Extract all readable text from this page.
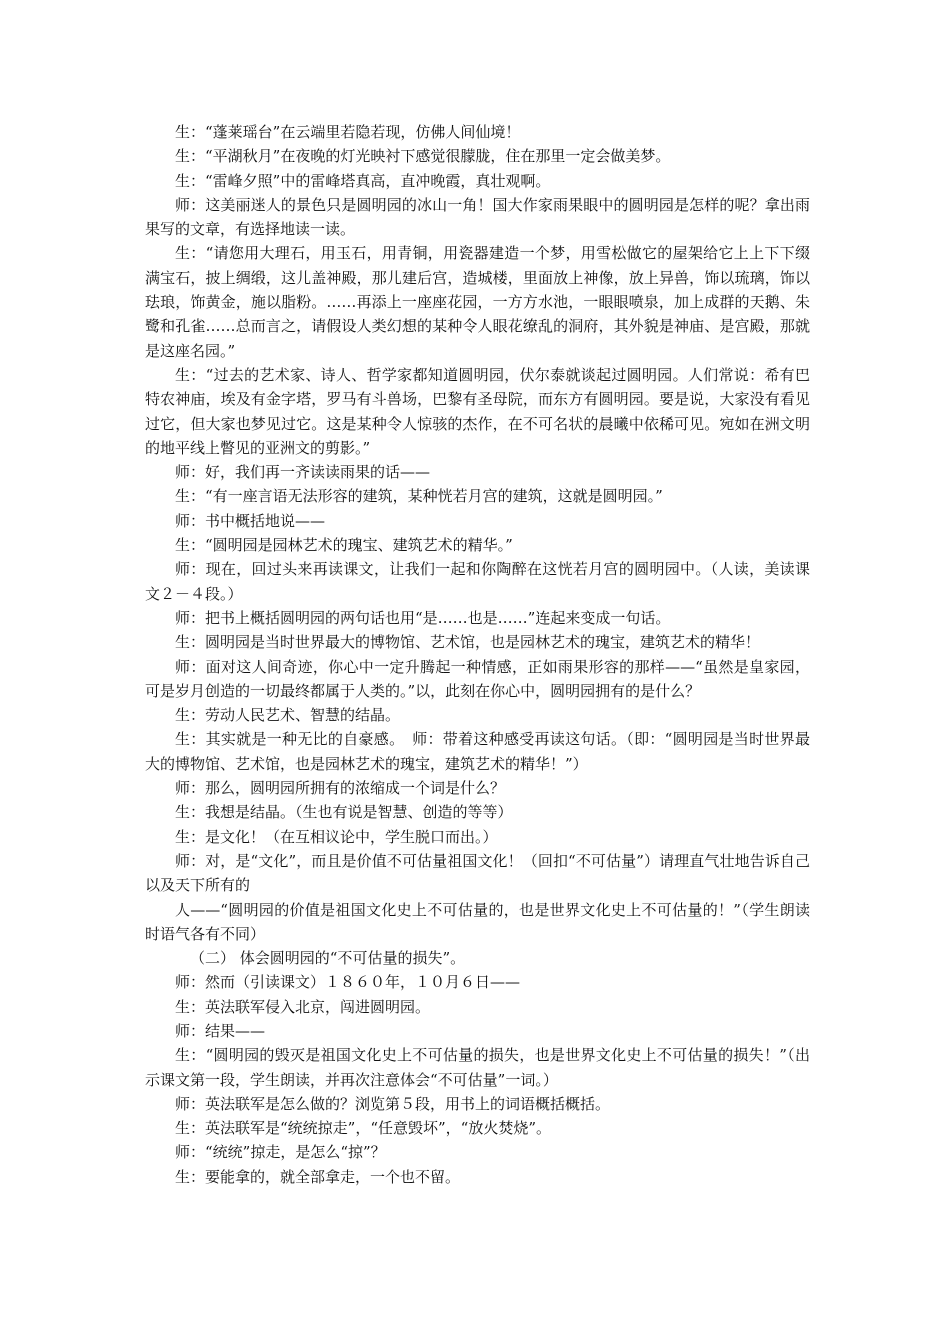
生：“蓬莱瑶台”在云端里若隐若现，仿佛人间仙境！

生：“平湖秋月”在夜晚的灯光映衬下感觉很朦胧，住在那里一定会做美梦。

生：“雷峰夕照”中的雷峰塔真高，直冲晚霞，真壮观啊。

师：这美丽迷人的景色只是圆明园的冰山一角！国大作家雨果眼中的圆明园是怎样的呢？拿出雨果写的文章，有选择地读一读。

生：“请您用大理石，用玉石，用青铜，用瓷器建造一个梦，用雪松做它的屋架给它上上下下缀满宝石，披上绸缎，这儿盖神殿，那儿建后宫，造城楼，里面放上神像，放上异兽，饰以琉璃，饰以珐琅，饰黄金，施以脂粉。……再添上一座座花园，一方方水池，一眼眼喷泉，加上成群的天鹅、朱鹭和孔雀……总而言之，请假设人类幻想的某种令人眼花缭乱的洞府，其外貌是神庙、是宫殿，那就是这座名园。”

生：“过去的艺术家、诗人、哲学家都知道圆明园，伏尔泰就谈起过圆明园。人们常说：希有巴特农神庙，埃及有金字塔，罗马有斗兽场，巴黎有圣母院，而东方有圆明园。要是说，大家没有看见过它，但大家也梦见过它。这是某种令人惊骇的杰作，在不可名状的晨曦中依稀可见。宛如在洲文明的地平线上瞥见的亚洲文的剪影。”

师：好，我们再一齐读读雨果的话——

生：“有一座言语无法形容的建筑，某种恍若月宫的建筑，这就是圆明园。”

师：书中概括地说——

生：“圆明园是园林艺术的瑰宝、建筑艺术的精华。”

师：现在，回过头来再读课文，让我们一起和你陶醉在这恍若月宫的圆明园中。（人读，美读课文２－４段。）

师：把书上概括圆明园的两句话也用“是……也是……”连起来变成一句话。

生：圆明园是当时世界最大的博物馆、艺术馆，也是园林艺术的瑰宝，建筑艺术的精华！

师：面对这人间奇迹，你心中一定升腾起一种情感，正如雨果形容的那样——“虽然是皇家园，可是岁月创造的一切最终都属于人类的。”以，此刻在你心中，圆明园拥有的是什么？

生：劳动人民艺术、智慧的结晶。

生：其实就是一种无比的自豪感。　师：带着这种感受再读这句话。（即：“圆明园是当时世界最大的博物馆、艺术馆，也是园林艺术的瑰宝，建筑艺术的精华！”）

师：那么，圆明园所拥有的浓缩成一个词是什么？

生：我想是结晶。（生也有说是智慧、创造的等等）

生：是文化！（在互相议论中，学生脱口而出。）

师：对，是“文化”，而且是价值不可估量祖国文化！（回扣“不可估量”）请理直气壮地告诉自己以及天下所有的

人——“圆明园的价值是祖国文化史上不可估量的，也是世界文化史上不可估量的！”（学生朗读时语气各有不同）

（二） 体会圆明园的“不可估量的损失”。

师：然而（引读课文）１８６０年，１０月６日——

生：英法联军侵入北京，闯进圆明园。

师：结果——

生：“圆明园的毁灭是祖国文化史上不可估量的损失，也是世界文化史上不可估量的损失！”（出示课文第一段，学生朗读，并再次注意体会“不可估量”一词。）

师：英法联军是怎么做的？浏览第５段，用书上的词语概括概括。

生：英法联军是“统统掠走”，“任意毁坏”，“放火焚烧”。

师：“统统”掠走，是怎么“掠”？

生：要能拿的，就全部拿走，一个也不留。
